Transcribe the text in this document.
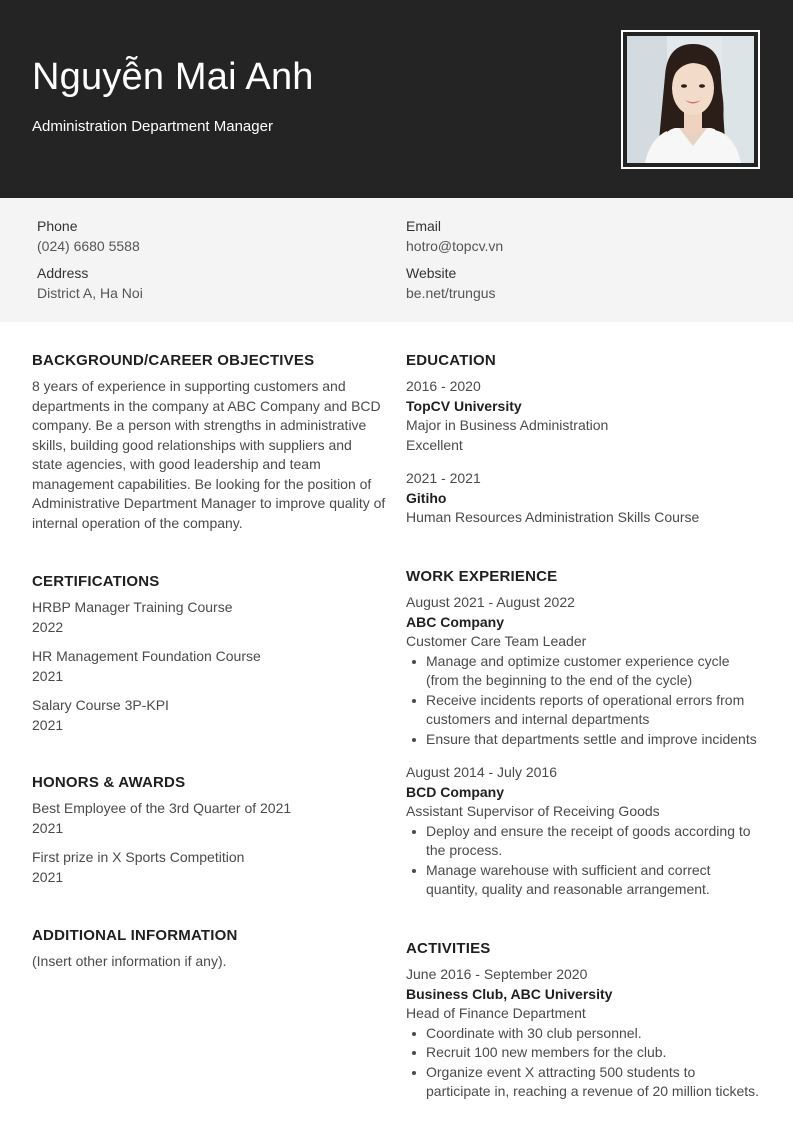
Nguyễn Mai Anh
Administration Department Manager
Phone
(024) 6680 5588
Address
District A, Ha Noi
Email
hotro@topcv.vn
Website
be.net/trungus
BACKGROUND/CAREER OBJECTIVES
8 years of experience in supporting customers and
departments in the company at ABC Company and BCD
company. Be a person with strengths in administrative
skills, building good relationships with suppliers and
state agencies, with good leadership and team
management capabilities. Be looking for the position of
Administrative Department Manager to improve quality of
internal operation of the company.
CERTIFICATIONS
HRBP Manager Training Course
2022
HR Management Foundation Course
2021
Salary Course 3P-KPI
2021
HONORS & AWARDS
Best Employee of the 3rd Quarter of 2021
2021
First prize in X Sports Competition
2021
ADDITIONAL INFORMATION
(Insert other information if any).
EDUCATION
2016 - 2020
TopCV University
Major in Business Administration
Excellent
2021 - 2021
Gitiho
Human Resources Administration Skills Course
WORK EXPERIENCE
August 2021 - August 2022
ABC Company
Customer Care Team Leader
Manage and optimize customer experience cycle
(from the beginning to the end of the cycle)
Receive incidents reports of operational errors from
customers and internal departments
Ensure that departments settle and improve incidents
August 2014 - July 2016
BCD Company
Assistant Supervisor of Receiving Goods
Deploy and ensure the receipt of goods according to
the process.
Manage warehouse with sufficient and correct
quantity, quality and reasonable arrangement.
ACTIVITIES
June 2016 - September 2020
Business Club, ABC University
Head of Finance Department
Coordinate with 30 club personnel.
Recruit 100 new members for the club.
Organize event X attracting 500 students to
participate in, reaching a revenue of 20 million tickets.
